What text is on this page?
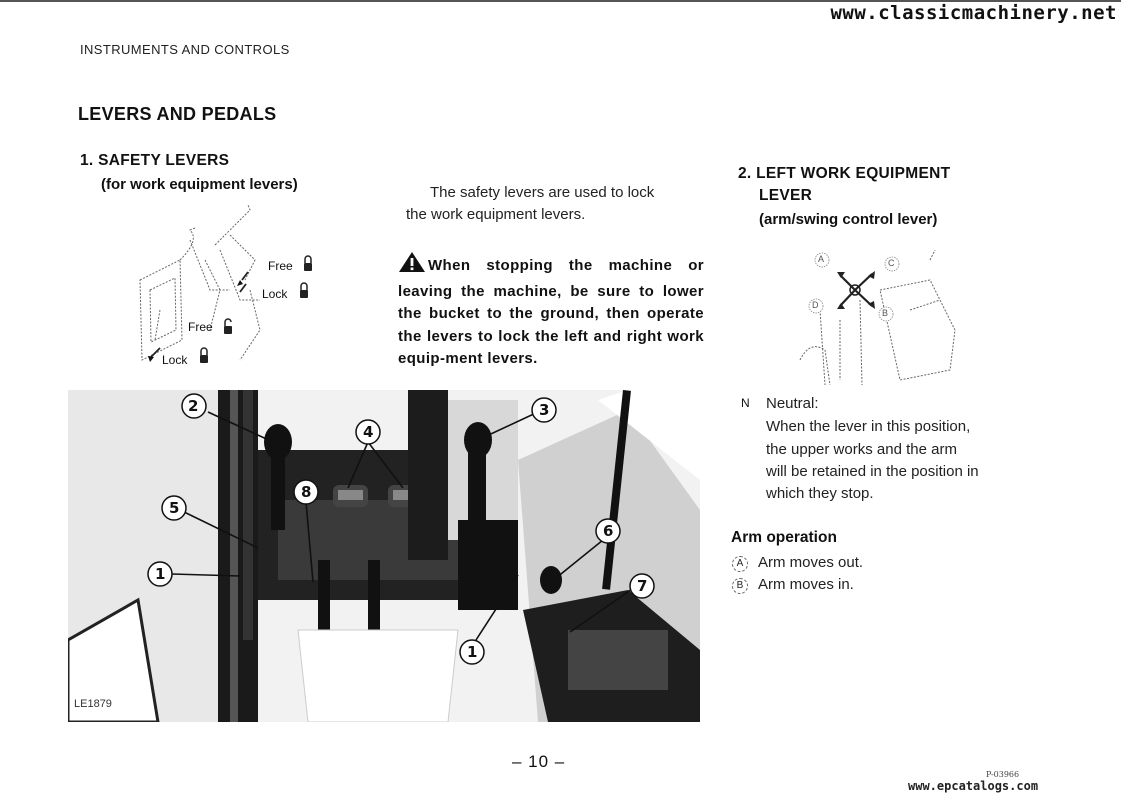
www.classicmachinery.net
INSTRUMENTS AND CONTROLS
LEVERS AND PEDALS
1. SAFETY LEVERS
(for work equipment levers)
Free
Lock
Free
Lock
The safety levers are used to lock
the work equipment levers.
When stopping the machine or leaving the machine, be sure to lower the bucket to the ground, then operate the levers to lock the left and right work equip-ment levers.
2
4
3
8
5
1
6
7
1
LE1879
2. LEFT WORK EQUIPMENT
LEVER
(arm/swing control lever)
A	C
D
B
N Neutral:
When the lever in this position,
the upper works and the arm
will be retained in the position in
which they stop.
Arm operation
A Arm moves out.
B Arm moves in.
– 10 –
P-03966
www.epcatalogs.com
